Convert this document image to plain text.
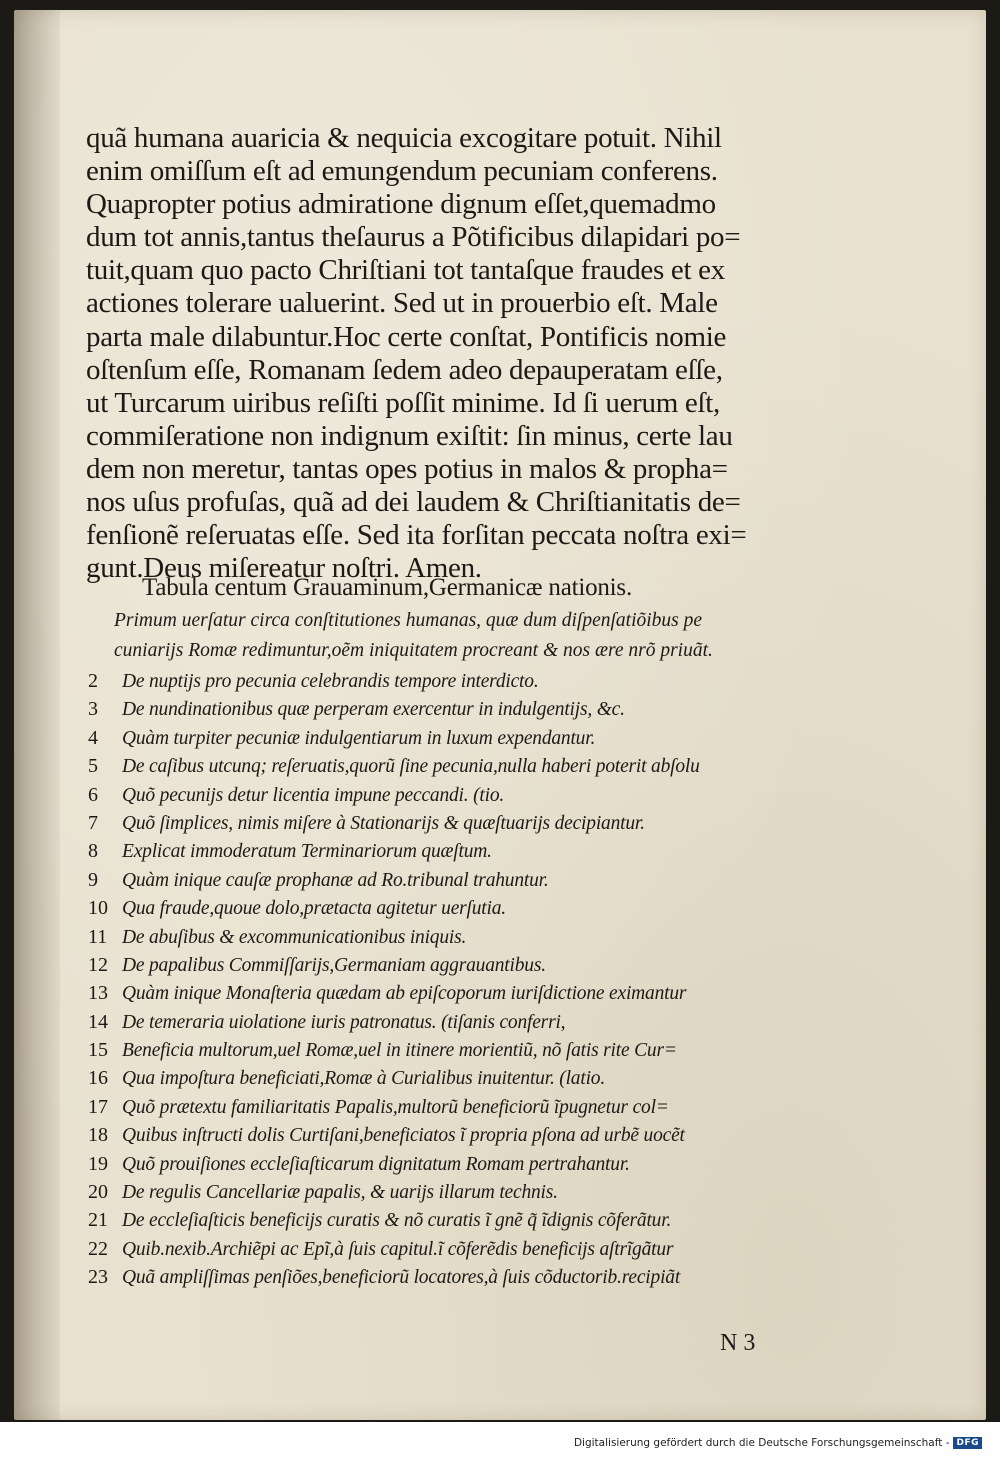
quã humana auaricia & nequicia excogitare potuit. Nihil
enim omiſſum eſt ad emungendum pecuniam conferens.
Quapropter potius admiratione dignum eſſet,quemadmo
dum tot annis,tantus theſaurus a Põtificibus dilapidari po=
tuit,quam quo pacto Chriſtiani tot tantaſque fraudes et ex
actiones tolerare ualuerint. Sed ut in prouerbio eſt. Male
parta male dilabuntur.Hoc certe conſtat, Pontificis nomie
oſtenſum eſſe, Romanam ſedem adeo depauperatam eſſe,
ut Turcarum uiribus reſiſti poſſit minime. Id ſi uerum eſt,
commiſeratione non indignum exiſtit: ſin minus, certe lau
dem non meretur, tantas opes potius in malos & propha=
nos uſus profuſas, quã ad dei laudem & Chriſtianitatis de=
fenſionẽ reſeruatas eſſe. Sed ita forſitan peccata noſtra exi=
gunt.Deus miſereatur noſtri. Amen.
Tabula centum Grauaminum,Germanicæ nationis.
Primum uerſatur circa conſtitutiones humanas, quæ dum diſpenſatiõibus pe
cuniarijs Romæ redimuntur,oẽm iniquitatem procreant & nos ære nrõ priuãt.
2 De nuptijs pro pecunia celebrandis tempore interdicto.
3 De nundinationibus quæ perperam exercentur in indulgentijs, &c.
4 Quàm turpiter pecuniæ indulgentiarum in luxum expendantur.
5 De caſibus utcunq; reſeruatis,quorũ ſine pecunia,nulla haberi poterit abſolu
6 Quõ pecunijs detur licentia impune peccandi. (tio.
7 Quõ ſimplices, nimis miſere à Stationarijs & quæſtuarijs decipiantur.
8 Explicat immoderatum Terminariorum quæſtum.
9 Quàm inique cauſæ prophanæ ad Ro.tribunal trahuntur.
10 Qua fraude,quoue dolo,prætacta agitetur uerſutia.
11 De abuſibus & excommunicationibus iniquis.
12 De papalibus Commiſſarijs,Germaniam aggrauantibus.
13 Quàm inique Monaſteria quædam ab epiſcoporum iuriſdictione eximantur
14 De temeraria uiolatione iuris patronatus. (tiſanis conferri,
15 Beneficia multorum,uel Romæ,uel in itinere morientiũ, nõ ſatis rite Cur=
16 Qua impoſtura beneficiati,Romæ à Curialibus inuitentur. (latio.
17 Quõ prætextu familiaritatis Papalis,multorũ beneficiorũ ĩpugnetur col=
18 Quibus inſtructi dolis Curtiſani,beneficiatos ĩ propria pſona ad urbẽ uocẽt
19 Quõ prouiſiones eccleſiaſticarum dignitatum Romam pertrahantur.
20 De regulis Cancellariæ papalis, & uarijs illarum technis.
21 De eccleſiaſticis beneficijs curatis & nõ curatis ĩ gnẽ q̃ ĩdignis cõferãtur.
22 Quib.nexib.Archiẽpi ac Epĩ,à ſuis capitul.ĩ cõferẽdis beneficijs aſtrĩgãtur
23 Quã ampliſſimas penſiões,beneficiorũ locatores,à ſuis cõductorib.recipiãt
N 3
Digitalisierung gefördert durch die Deutsche Forschungsgemeinschaft - DFG
